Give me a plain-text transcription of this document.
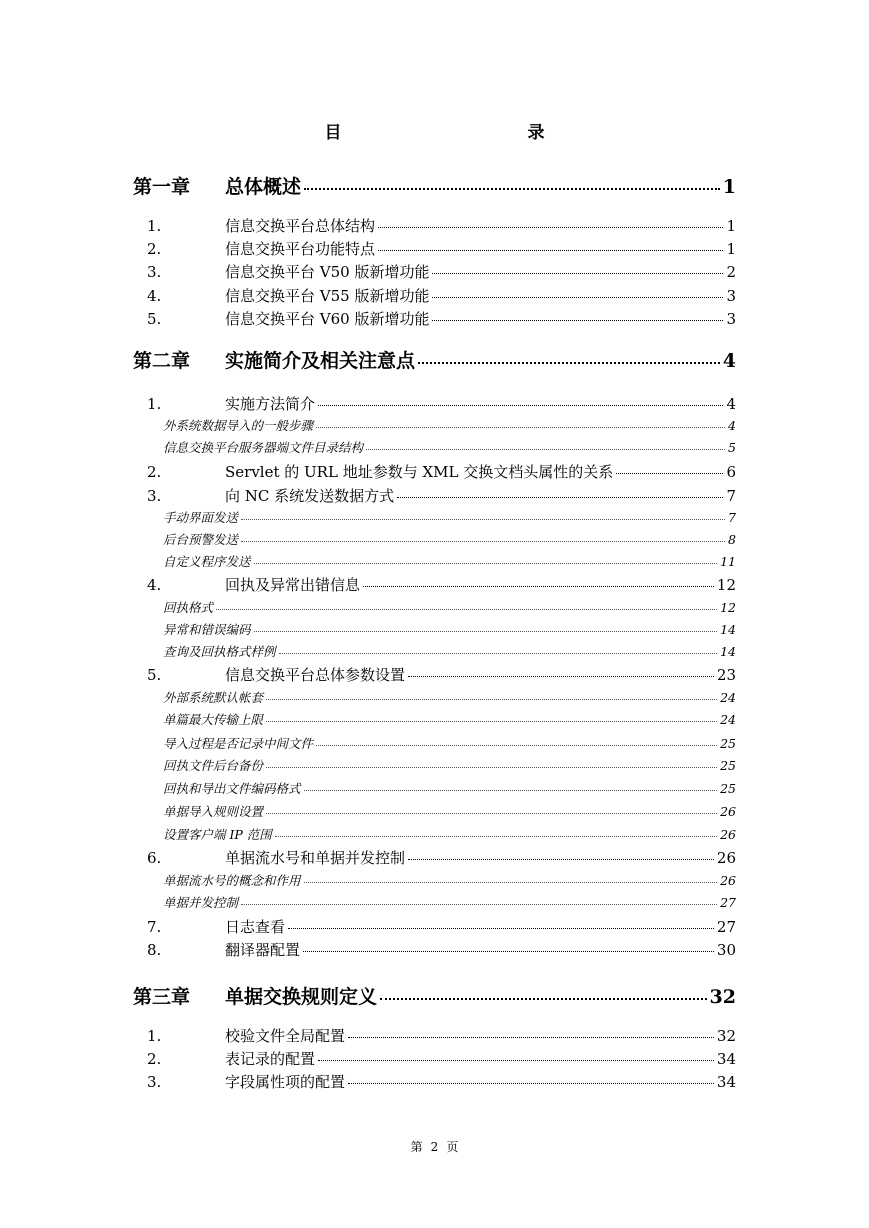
目 录
第一章	总体概述	1
1.	信息交换平台总体结构	1
2.	信息交换平台功能特点	1
3.	信息交换平台 V50 版新增功能	2
4.	信息交换平台 V55 版新增功能	3
5.	信息交换平台 V60 版新增功能	3
第二章	实施简介及相关注意点	4
1.	实施方法简介	4
外系统数据导入的一般步骤	4
信息交换平台服务器端文件目录结构	5
2.	Servlet 的 URL 地址参数与 XML 交换文档头属性的关系	6
3.	向 NC 系统发送数据方式	7
手动界面发送	7
后台预警发送	8
自定义程序发送	11
4.	回执及异常出错信息	12
回执格式	12
异常和错误编码	14
查询及回执格式样例	14
5.	信息交换平台总体参数设置	23
外部系统默认帐套	24
单篇最大传输上限	24
导入过程是否记录中间文件	25
回执文件后台备份	25
回执和导出文件编码格式	25
单据导入规则设置	26
设置客户端 IP 范围	26
6.	单据流水号和单据并发控制	26
单据流水号的概念和作用	26
单据并发控制	27
7.	日志查看	27
8.	翻译器配置	30
第三章	单据交换规则定义	32
1.	校验文件全局配置	32
2.	表记录的配置	34
3.	字段属性项的配置	34
第 2 页
